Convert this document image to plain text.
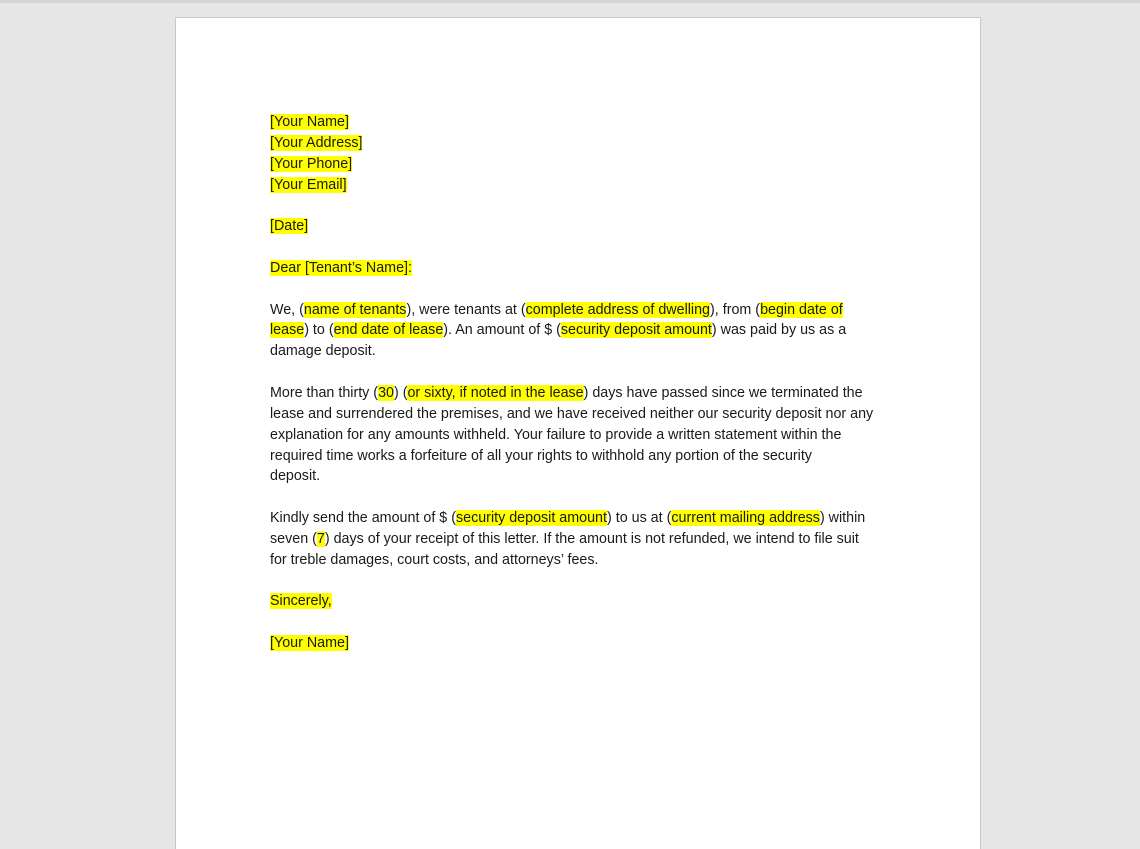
[Your Name]
[Your Address]
[Your Phone]
[Your Email]
[Date]
Dear [Tenant’s Name]:
We, (name of tenants), were tenants at (complete address of dwelling), from (begin date of
lease) to (end date of lease). An amount of $ (security deposit amount) was paid by us as a
damage deposit.
More than thirty (30) (or sixty, if noted in the lease) days have passed since we terminated the
lease and surrendered the premises, and we have received neither our security deposit nor any
explanation for any amounts withheld. Your failure to provide a written statement within the
required time works a forfeiture of all your rights to withhold any portion of the security
deposit.
Kindly send the amount of $ (security deposit amount) to us at (current mailing address) within
seven (7) days of your receipt of this letter. If the amount is not refunded, we intend to file suit
for treble damages, court costs, and attorneys’ fees.
Sincerely,
[Your Name]
